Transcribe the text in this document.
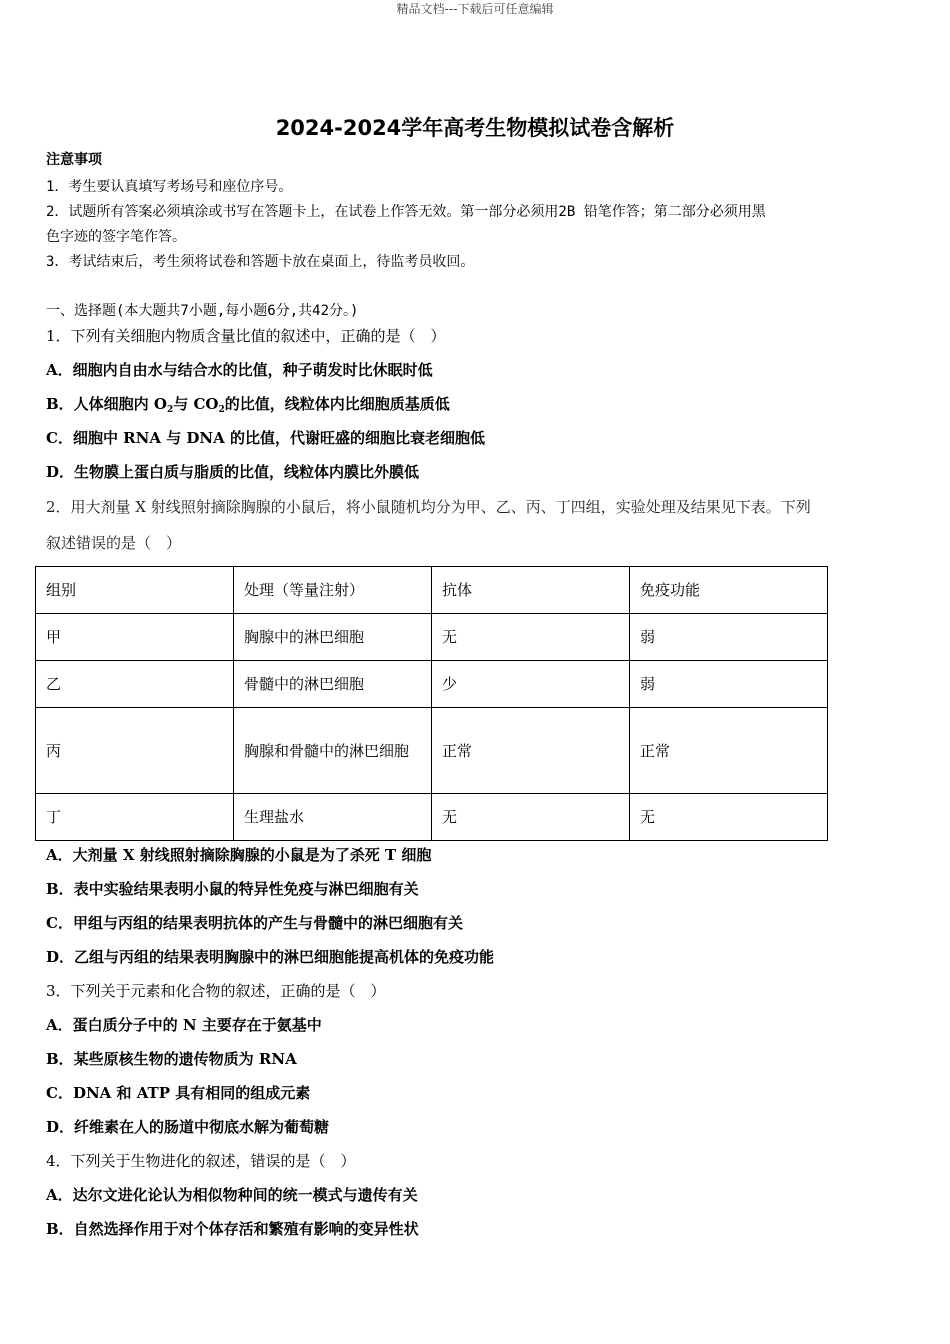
精品文档---下载后可任意编辑
2024-2024学年高考生物模拟试卷含解析
注意事项
1．考生要认真填写考场号和座位序号。
2．试题所有答案必须填涂或书写在答题卡上，在试卷上作答无效。第一部分必须用2B 铅笔作答；第二部分必须用黑
色字迹的签字笔作答。
3．考试结束后，考生须将试卷和答题卡放在桌面上，待监考员收回。
一、选择题(本大题共7小题,每小题6分,共42分。)
1．下列有关细胞内物质含量比值的叙述中，正确的是（　）
A．细胞内自由水与结合水的比值，种子萌发时比休眠时低
B．人体细胞内 $O_2$与 $CO_2$的比值，线粒体内比细胞质基质低
C．细胞中 RNA 与 DNA 的比值，代谢旺盛的细胞比衰老细胞低
D．生物膜上蛋白质与脂质的比值，线粒体内膜比外膜低
2．用大剂量 X 射线照射摘除胸腺的小鼠后，将小鼠随机均分为甲、乙、丙、丁四组，实验处理及结果见下表。下列
叙述错误的是（　）
组别	处理（等量注射）	抗体	免疫功能
甲	胸腺中的淋巴细胞	无	弱
乙	骨髓中的淋巴细胞	少	弱
丙	胸腺和骨髓中的淋巴细胞	正常	正常
丁	生理盐水	无	无
A．大剂量 X 射线照射摘除胸腺的小鼠是为了杀死 T 细胞
B．表中实验结果表明小鼠的特异性免疫与淋巴细胞有关
C．甲组与丙组的结果表明抗体的产生与骨髓中的淋巴细胞有关
D．乙组与丙组的结果表明胸腺中的淋巴细胞能提高机体的免疫功能
3．下列关于元素和化合物的叙述，正确的是（　）
A．蛋白质分子中的 N 主要存在于氨基中
B．某些原核生物的遗传物质为 RNA
C．DNA 和 ATP 具有相同的组成元素
D．纤维素在人的肠道中彻底水解为葡萄糖
4．下列关于生物进化的叙述，错误的是（　）
A．达尔文进化论认为相似物种间的统一模式与遗传有关
B．自然选择作用于对个体存活和繁殖有影响的变异性状
